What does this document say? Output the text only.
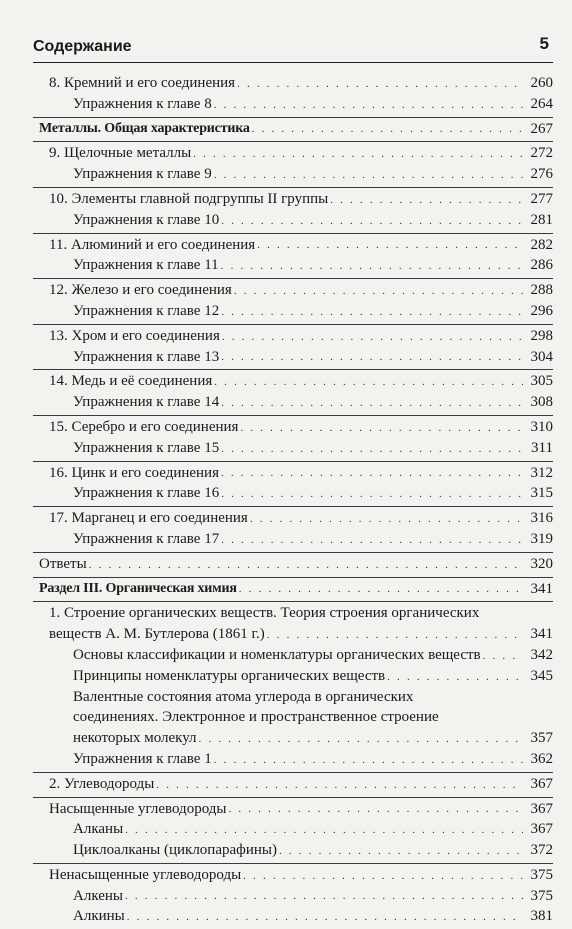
Содержание	5
8. Кремний и его соединения . . .	260
Упражнения к главе 8 . . .	264
Металлы. Общая характеристика . . .	267
9. Щелочные металлы . . .	272
Упражнения к главе 9 . . .	276
10. Элементы главной подгруппы II группы . . .	277
Упражнения к главе 10 . . .	281
11. Алюминий и его соединения . . .	282
Упражнения к главе 11 . . .	286
12. Железо и его соединения . . .	288
Упражнения к главе 12 . . .	296
13. Хром и его соединения . . .	298
Упражнения к главе 13 . . .	304
14. Медь и её соединения . . .	305
Упражнения к главе 14 . . .	308
15. Серебро и его соединения . . .	310
Упражнения к главе 15 . . .	311
16. Цинк и его соединения . . .	312
Упражнения к главе 16 . . .	315
17. Марганец и его соединения . . .	316
Упражнения к главе 17 . . .	319
Ответы . . .	320
Раздел III. Органическая химия . . .	341
1. Строение органических веществ. Теория строения органических
веществ А. М. Бутлерова (1861 г.) . . .	341
Основы классификации и номенклатуры органических веществ . . .	342
Принципы номенклатуры органических веществ . . .	345
Валентные состояния атома углерода в органических
соединениях. Электронное и пространственное строение
некоторых молекул . . .	357
Упражнения к главе 1 . . .	362
2. Углеводороды . . .	367
Насыщенные углеводороды . . .	367
Алканы . . .	367
Циклоалканы (циклопарафины) . . .	372
Ненасыщенные углеводороды . . .	375
Алкены . . .	375
Алкины . . .	381
